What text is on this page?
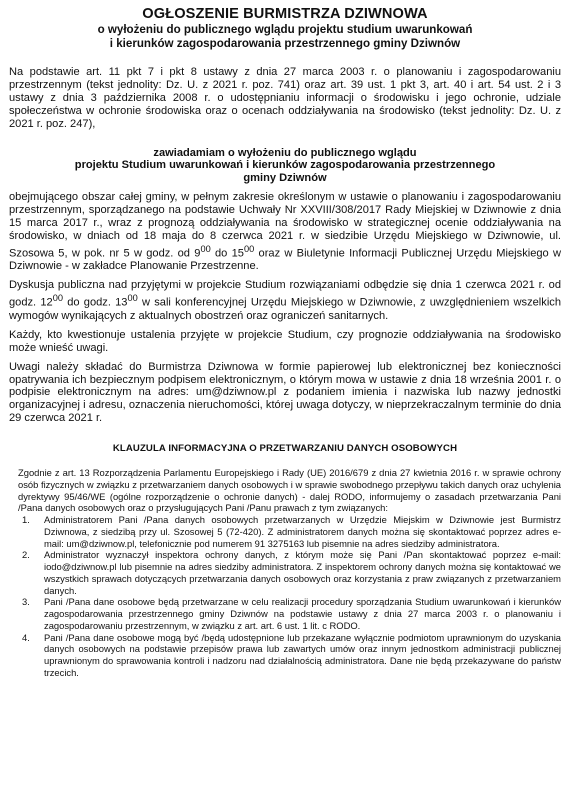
OGŁOSZENIE BURMISTRZA DZIWNOWA
o wyłożeniu do publicznego wglądu projektu studium uwarunkowań
i kierunków zagospodarowania przestrzennego gminy Dziwnów

Na podstawie art. 11 pkt 7 i pkt 8 ustawy z dnia 27 marca 2003 r. o planowaniu i zagospodarowaniu przestrzennym (tekst jednolity: Dz. U. z 2021 r. poz. 741) oraz art. 39 ust. 1 pkt 3, art. 40 i art. 54 ust. 2 i 3 ustawy z dnia 3 października 2008 r. o udostępnianiu informacji o środowisku i jego ochronie, udziale społeczeństwa w ochronie środowiska oraz o ocenach oddziaływania na środowisko (tekst jednolity: Dz. U. z 2021 r. poz. 247),

zawiadamiam o wyłożeniu do publicznego wglądu
projektu Studium uwarunkowań i kierunków zagospodarowania przestrzennego
gminy Dziwnów

obejmującego obszar całej gminy, w pełnym zakresie określonym w ustawie o planowaniu i zagospodarowaniu przestrzennym, sporządzanego na podstawie Uchwały Nr XXVIII/308/2017 Rady Miejskiej w Dziwnowie z dnia 15 marca 2017 r., wraz z prognozą oddziaływania na środowisko w strategicznej ocenie oddziaływania na środowisko, w dniach od 18 maja do 8 czerwca 2021 r. w siedzibie Urzędu Miejskiego w Dziwnowie, ul. Szosowa 5, w pok. nr 5 w godz. od $9^{00}$ do $15^{00}$ oraz w Biuletynie Informacji Publicznej Urzędu Miejskiego w Dziwnowie - w zakładce Planowanie Przestrzenne.

Dyskusja publiczna nad przyjętymi w projekcie Studium rozwiązaniami odbędzie się dnia 1 czerwca 2021 r. od godz. $12^{00}$ do godz. $13^{00}$ w sali konferencyjnej Urzędu Miejskiego w Dziwnowie, z uwzględnieniem wszelkich wymogów wynikających z aktualnych obostrzeń oraz ograniczeń sanitarnych.

Każdy, kto kwestionuje ustalenia przyjęte w projekcie Studium, czy prognozie oddziaływania na środowisko może wnieść uwagi.

Uwagi należy składać do Burmistrza Dziwnowa w formie papierowej lub elektronicznej bez konieczności opatrywania ich bezpiecznym podpisem elektronicznym, o którym mowa w ustawie z dnia 18 września 2001 r. o podpisie elektronicznym na adres: um@dziwnow.pl z podaniem imienia i nazwiska lub nazwy jednostki organizacyjnej i adresu, oznaczenia nieruchomości, której uwaga dotyczy, w nieprzekraczalnym terminie do dnia 29 czerwca 2021 r.

KLAUZULA INFORMACYJNA O PRZETWARZANIU DANYCH OSOBOWYCH

Zgodnie z art. 13 Rozporządzenia Parlamentu Europejskiego i Rady (UE) 2016/679 z dnia 27 kwietnia 2016 r. w sprawie ochrony osób fizycznych w związku z przetwarzaniem danych osobowych i w sprawie swobodnego przepływu takich danych oraz uchylenia dyrektywy 95/46/WE (ogólne rozporządzenie o ochronie danych) - dalej RODO, informujemy o zasadach przetwarzania Pani /Pana danych osobowych oraz o przysługujących Pani /Panu prawach z tym związanych:

1.	Administratorem Pani /Pana danych osobowych przetwarzanych w Urzędzie Miejskim w Dziwnowie jest Burmistrz Dziwnowa, z siedzibą przy ul. Szosowej 5 (72-420). Z administratorem danych można się skontaktować poprzez adres e-mail: um@dziwnow.pl, telefonicznie pod numerem 91 3275163 lub pisemnie na adres siedziby administratora.
2.	Administrator wyznaczył inspektora ochrony danych, z którym może się Pani /Pan skontaktować poprzez e-mail: iodo@dziwnow.pl lub pisemnie na adres siedziby administratora. Z inspektorem ochrony danych można się kontaktować we wszystkich sprawach dotyczących przetwarzania danych osobowych oraz korzystania z praw związanych z przetwarzaniem danych.
3.	Pani /Pana dane osobowe będą przetwarzane w celu realizacji procedury sporządzania Studium uwarunkowań i kierunków zagospodarowania przestrzennego gminy Dziwnów na podstawie ustawy z dnia 27 marca 2003 r. o planowaniu i zagospodarowaniu przestrzennym, w związku z art. art. 6 ust. 1 lit. c RODO.
4.	Pani /Pana dane osobowe mogą być /będą udostępnione lub przekazane wyłącznie podmiotom uprawnionym do uzyskania danych osobowych na podstawie przepisów prawa lub zawartych umów oraz innym jednostkom administracji publicznej uprawnionym do sprawowania kontroli i nadzoru nad działalnością administratora. Dane nie będą przekazywane do państw trzecich.
